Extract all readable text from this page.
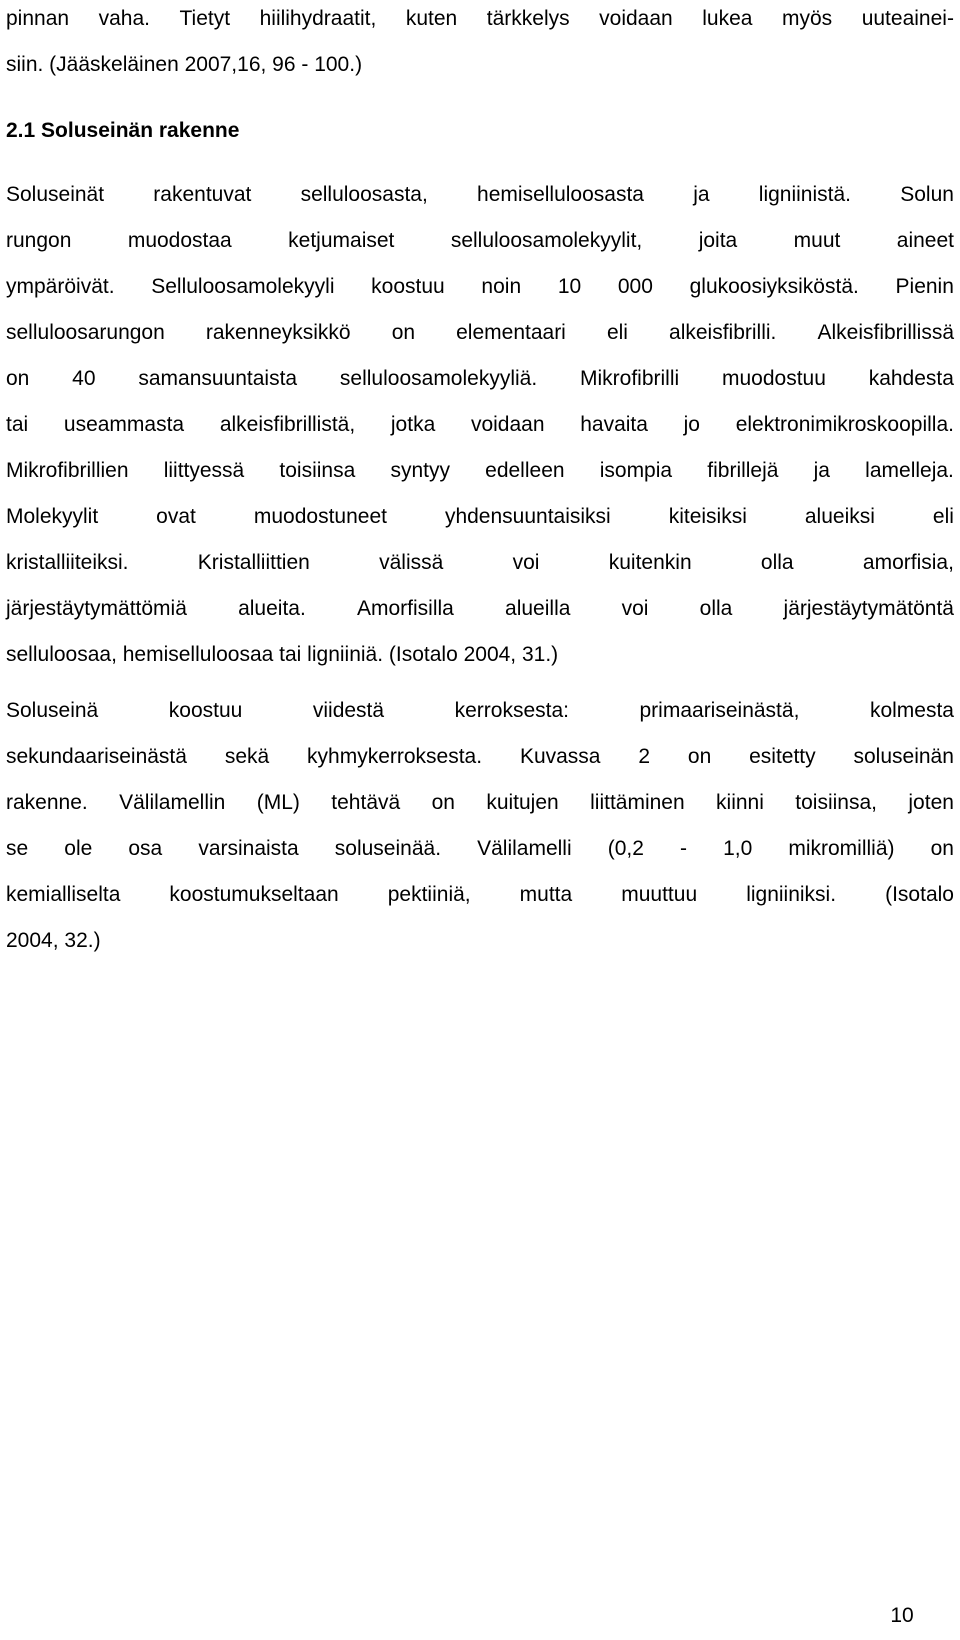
pinnan vaha. Tietyt hiilihydraatit, kuten tärkkelys voidaan lukea myös uuteainei-
siin. (Jääskeläinen 2007,16, 96 - 100.)
2.1 Soluseinän rakenne
Soluseinät rakentuvat selluloosasta, hemiselluloosasta ja ligniinistä. Solun
rungon	muodostaa	ketjumaiset	selluloosamolekyylit,	joita	muut	aineet
ympäröivät. Selluloosamolekyyli koostuu noin 10 000 glukoosiyksiköstä. Pienin
selluloosarungon rakenneyksikkö on elementaari eli alkeisfibrilli. Alkeisfibrillissä
on 40 samansuuntaista selluloosamolekyyliä. Mikrofibrilli muodostuu kahdesta
tai useammasta alkeisfibrillistä, jotka voidaan havaita jo elektronimikroskoopilla.
Mikrofibrillien liittyessä toisiinsa syntyy edelleen isompia fibrillejä ja lamelleja.
Molekyylit	ovat	muodostuneet	yhdensuuntaisiksi	kiteisiksi	alueiksi	eli
kristalliiteiksi.	Kristalliittien	välissä	voi	kuitenkin	olla	amorfisia,
järjestäytymättömiä alueita. Amorfisilla alueilla voi olla järjestäytymätöntä
selluloosaa, hemiselluloosaa tai ligniiniä. (Isotalo 2004, 31.)
Soluseinä	koostuu	viidestä	kerroksesta:	primaariseinästä,	kolmesta
sekundaariseinästä sekä kyhmykerroksesta. Kuvassa 2 on esitetty soluseinän
rakenne. Välilamellin (ML) tehtävä on kuitujen liittäminen kiinni toisiinsa, joten
se ole osa varsinaista soluseinää. Välilamelli (0,2 - 1,0 mikromilliä) on
kemialliselta koostumukseltaan pektiiniä, mutta muuttuu ligniiniksi. (Isotalo
2004, 32.)
10
